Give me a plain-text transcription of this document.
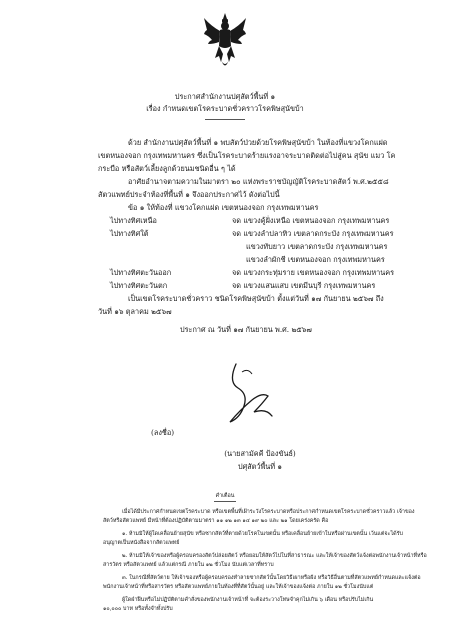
ประกาศสำนักงานปศุสัตว์พื้นที่ ๑
เรื่อง กำหนดเขตโรคระบาดชั่วคราวโรคพิษสุนัขบ้า
ด้วย สำนักงานปศุสัตว์พื้นที่ ๑ พบสัตว์ป่วยด้วยโรคพิษสุนัขบ้า ในท้องที่แขวงโคกแฝด
เขตหนองจอก กรุงเทพมหานคร ซึ่งเป็นโรคระบาดร้ายแรงอาจระบาดติดต่อไปสู่คน สุนัข แมว โค
กระบือ หรือสัตว์เลี้ยงลูกด้วยนมชนิดอื่น ๆ ได้
อาศัยอำนาจตามความในมาตรา ๒๐ แห่งพระราชบัญญัติโรคระบาดสัตว์ พ.ศ.๒๕๕๘
สัตวแพทย์ประจำท้องที่พื้นที่ ๑ จึงออกประกาศไว้ ดังต่อไปนี้
ข้อ ๑ ให้ท้องที่ แขวงโคกแฝด เขตหนองจอก กรุงเทพมหานคร
ไปทางทิศเหนือ	จด แขวงคู้ฝั่งเหนือ เขตหนองจอก กรุงเทพมหานคร
ไปทางทิศใต้	จด แขวงลำปลาทิว เขตลาดกระบัง กรุงเทพมหานคร
แขวงทับยาว เขตลาดกระบัง กรุงเทพมหานคร
แขวงลำผักชี เขตหนองจอก กรุงเทพมหานคร
ไปทางทิศตะวันออก	จด แขวงกระทุ่มราย เขตหนองจอก กรุงเทพมหานคร
ไปทางทิศตะวันตก	จด แขวงแสนแสบ เขตมีนบุรี กรุงเทพมหานคร
เป็นเขตโรคระบาดชั่วคราว ชนิดโรคพิษสุนัขบ้า ตั้งแต่วันที่ ๑๗ กันยายน ๒๕๖๗ ถึง
วันที่ ๑๖ ตุลาคม ๒๕๖๗
ประกาศ ณ วันที่ ๑๗ กันยายน พ.ศ. ๒๕๖๗
(ลงชื่อ)
(นายสามัคคี ป้องขันธ์)
ปศุสัตว์พื้นที่ ๑
คำเตือน
เมื่อได้มีประกาศกำหนดเขตโรคระบาด หรือเขตพื้นที่เฝ้าระวังโรคระบาดหรือประกาศกำหนดเขตโรคระบาดชั่วคราวแล้ว เจ้าของ
สัตว์หรือสัตวแพทย์ มีหน้าที่ต้องปฏิบัติตามมาตรา ๑๑ ๑๒ ๑๓ ๑๔ ๑๙ ๒๐ และ ๒๑ โดยเคร่งครัด คือ
๑. ห้ามมิให้ผู้ใดเคลื่อนย้ายสุนัข หรือซากสัตว์ที่ตายด้วยโรคในเขตนั้น หรือเคลื่อนย้ายเข้าในหรือผ่านเขตนั้น เว้นแต่จะได้รับ
อนุญาตเป็นหนังสือจากสัตวแพทย์
๒. ห้ามมิให้เจ้าของหรือผู้ครอบครองสัตว์ปล่อยสัตว์ หรือยอมให้สัตว์ไปในที่สาธารณะ และให้เจ้าของสัตว์แจ้งต่อพนักงานเจ้าหน้าที่หรือ
สารวัตร หรือสัตวแพทย์ แล้วแต่กรณี ภายใน ๑๒ ชั่วโมง นับแต่เวลาที่ทราบ
๓. ในกรณีที่สัตว์ตาย ให้เจ้าของหรือผู้ครอบครองทำลายซากสัตว์นั้นโดยวิธีเผาหรือฝัง หรือวิธีอื่นตามที่สัตวแพทย์กำหนดและแจ้งต่อ
พนักงานเจ้าหน้าที่หรือสารวัตร หรือสัตวแพทย์ภายในท้องที่ที่สัตว์นั้นอยู่ และให้เจ้าของแจ้งต่อ ภายใน ๑๒ ชั่วโมงนับแต่
ผู้ใดฝ่าฝืนหรือไม่ปฏิบัติตามคำสั่งของพนักงานเจ้าหน้าที่ จะต้องระวางโทษจำคุกไม่เกิน ๖ เดือน หรือปรับไม่เกิน
๑๐,๐๐๐ บาท หรือทั้งจำทั้งปรับ
